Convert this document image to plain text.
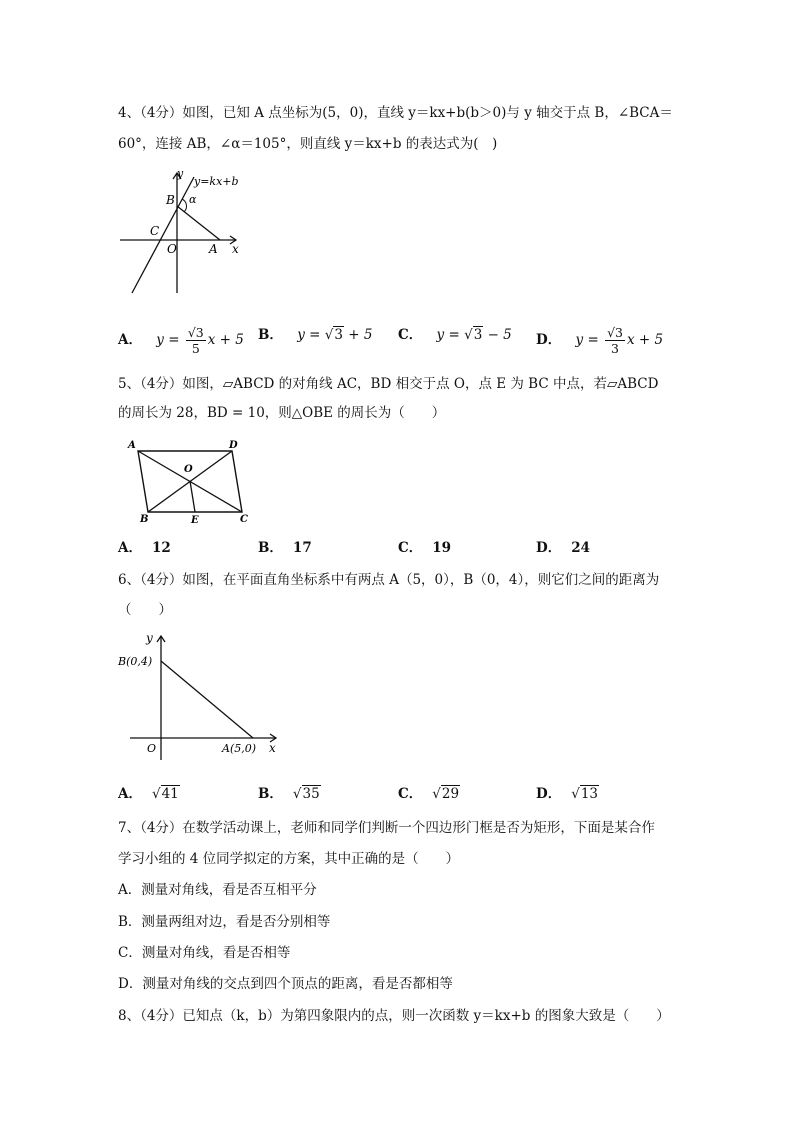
4、（4分）如图，已知 A 点坐标为(5，0)，直线 y＝kx+b(b＞0)与 y 轴交于点 B，∠BCA＝
60°，连接 AB，∠α＝105°，则直线 y＝kx+b 的表达式为(　)
y
y=kx+b
B α
C
O	A x
A． $y = \frac{√3}{5}$ x + 5 B． y = √3 + 5 C． y = √3 − 5 D． $y = \frac{√3}{3}$ x + 5
5、（4分）如图，▱ABCD 的对角线 AC，BD 相交于点 O，点 E 为 BC 中点，若▱ABCD
的周长为 28，BD = 10，则△OBE 的周长为（　　）
A	D
O
B	E	C
A． 12	B． 17	C． 19	D． 24
6、（4分）如图，在平面直角坐标系中有两点 A（5，0），B（0，4），则它们之间的距离为
（　　）
y
B(0,4)
O	A(5,0) x
A． √41	B． √35	C． √29	D． √13
7、（4分）在数学活动课上，老师和同学们判断一个四边形门框是否为矩形，下面是某合作
学习小组的 4 位同学拟定的方案，其中正确的是（　　）
A．测量对角线，看是否互相平分
B．测量两组对边，看是否分别相等
C．测量对角线，看是否相等
D．测量对角线的交点到四个顶点的距离，看是否都相等
8、（4分）已知点（k，b）为第四象限内的点，则一次函数 y＝kx+b 的图象大致是（　　）
